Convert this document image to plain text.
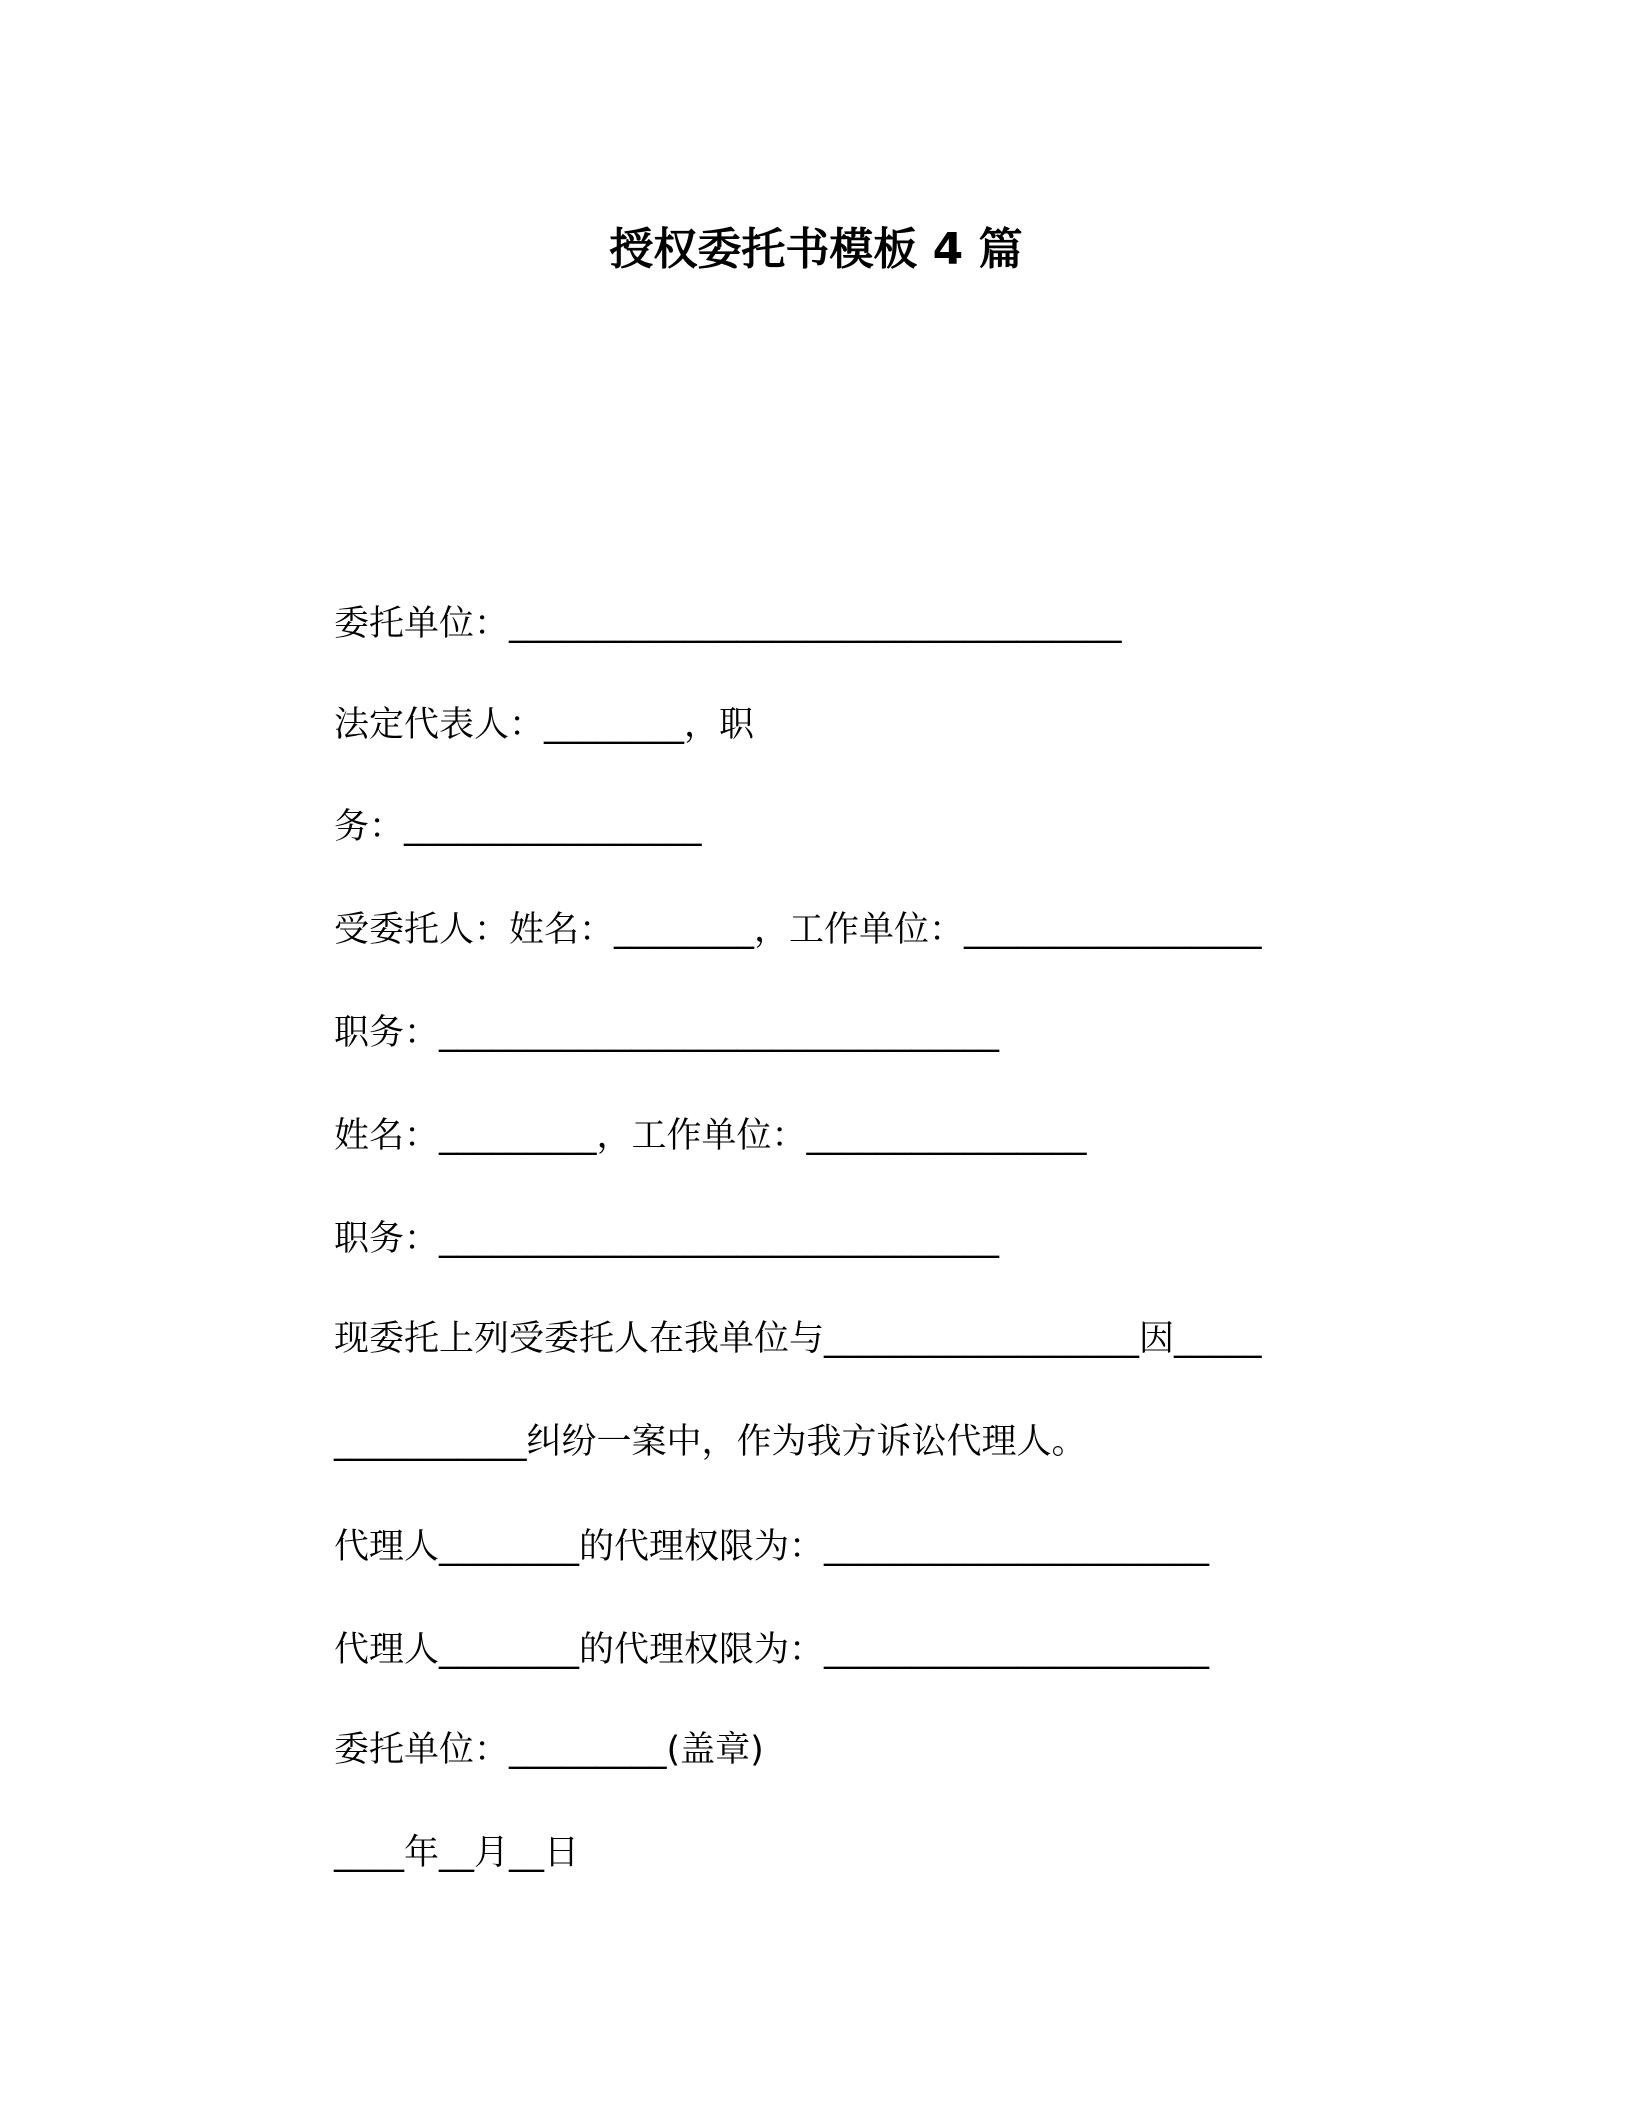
授权委托书模板 4 篇
委托单位：___________________________________
法定代表人：________，职
务：_________________
受委托人：姓名：________，工作单位：_________________
职务：________________________________
姓名：_________，工作单位：________________
职务：________________________________
现委托上列受委托人在我单位与__________________因_____
___________纠纷一案中，作为我方诉讼代理人。
代理人________的代理权限为：______________________
代理人________的代理权限为：______________________
委托单位：_________(盖章)
____年__月__日
